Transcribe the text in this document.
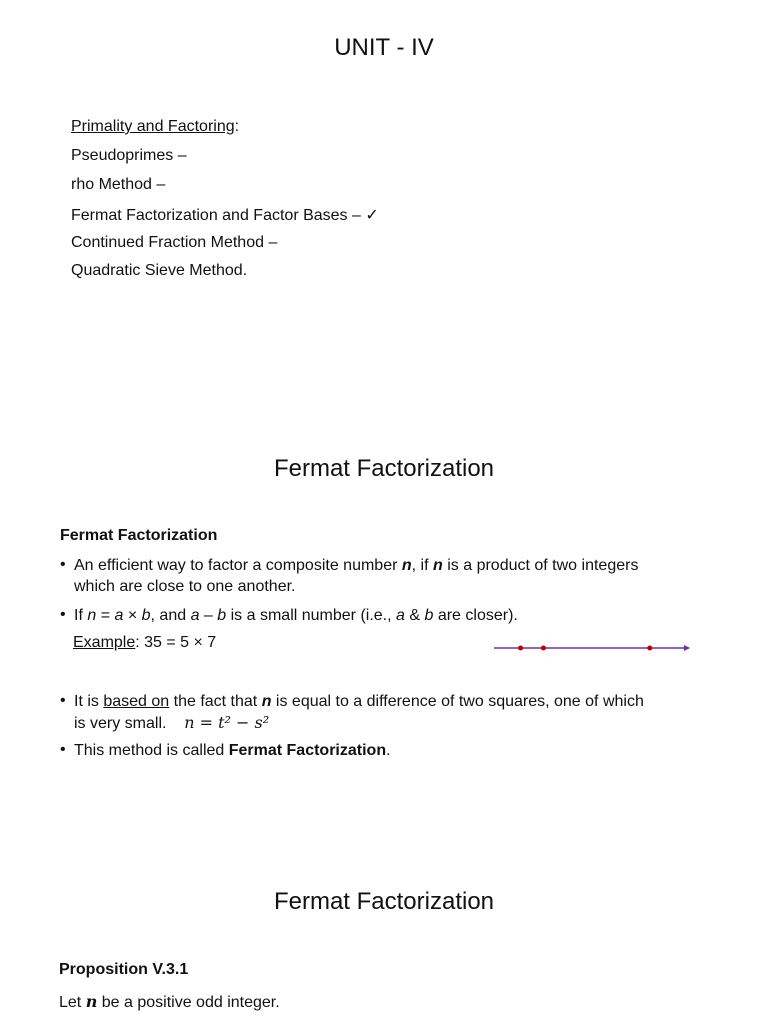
UNIT - IV
Primality and Factoring:
Pseudoprimes –
rho Method –
Fermat Factorization and Factor Bases – ✓
Continued Fraction Method –
Quadratic Sieve Method.
Fermat Factorization
Fermat Factorization
• An efficient way to factor a composite number n, if n is a product of two integers
which are close to one another.
• If n = a × b, and a – b is a small number (i.e., a & b are closer).
Example: 35 = 5 × 7
• It is based on the fact that n is equal to a difference of two squares, one of which
is very small. n = t² − s²
• This method is called Fermat Factorization.
Fermat Factorization
Proposition V.3.1
Let n be a positive odd integer.
